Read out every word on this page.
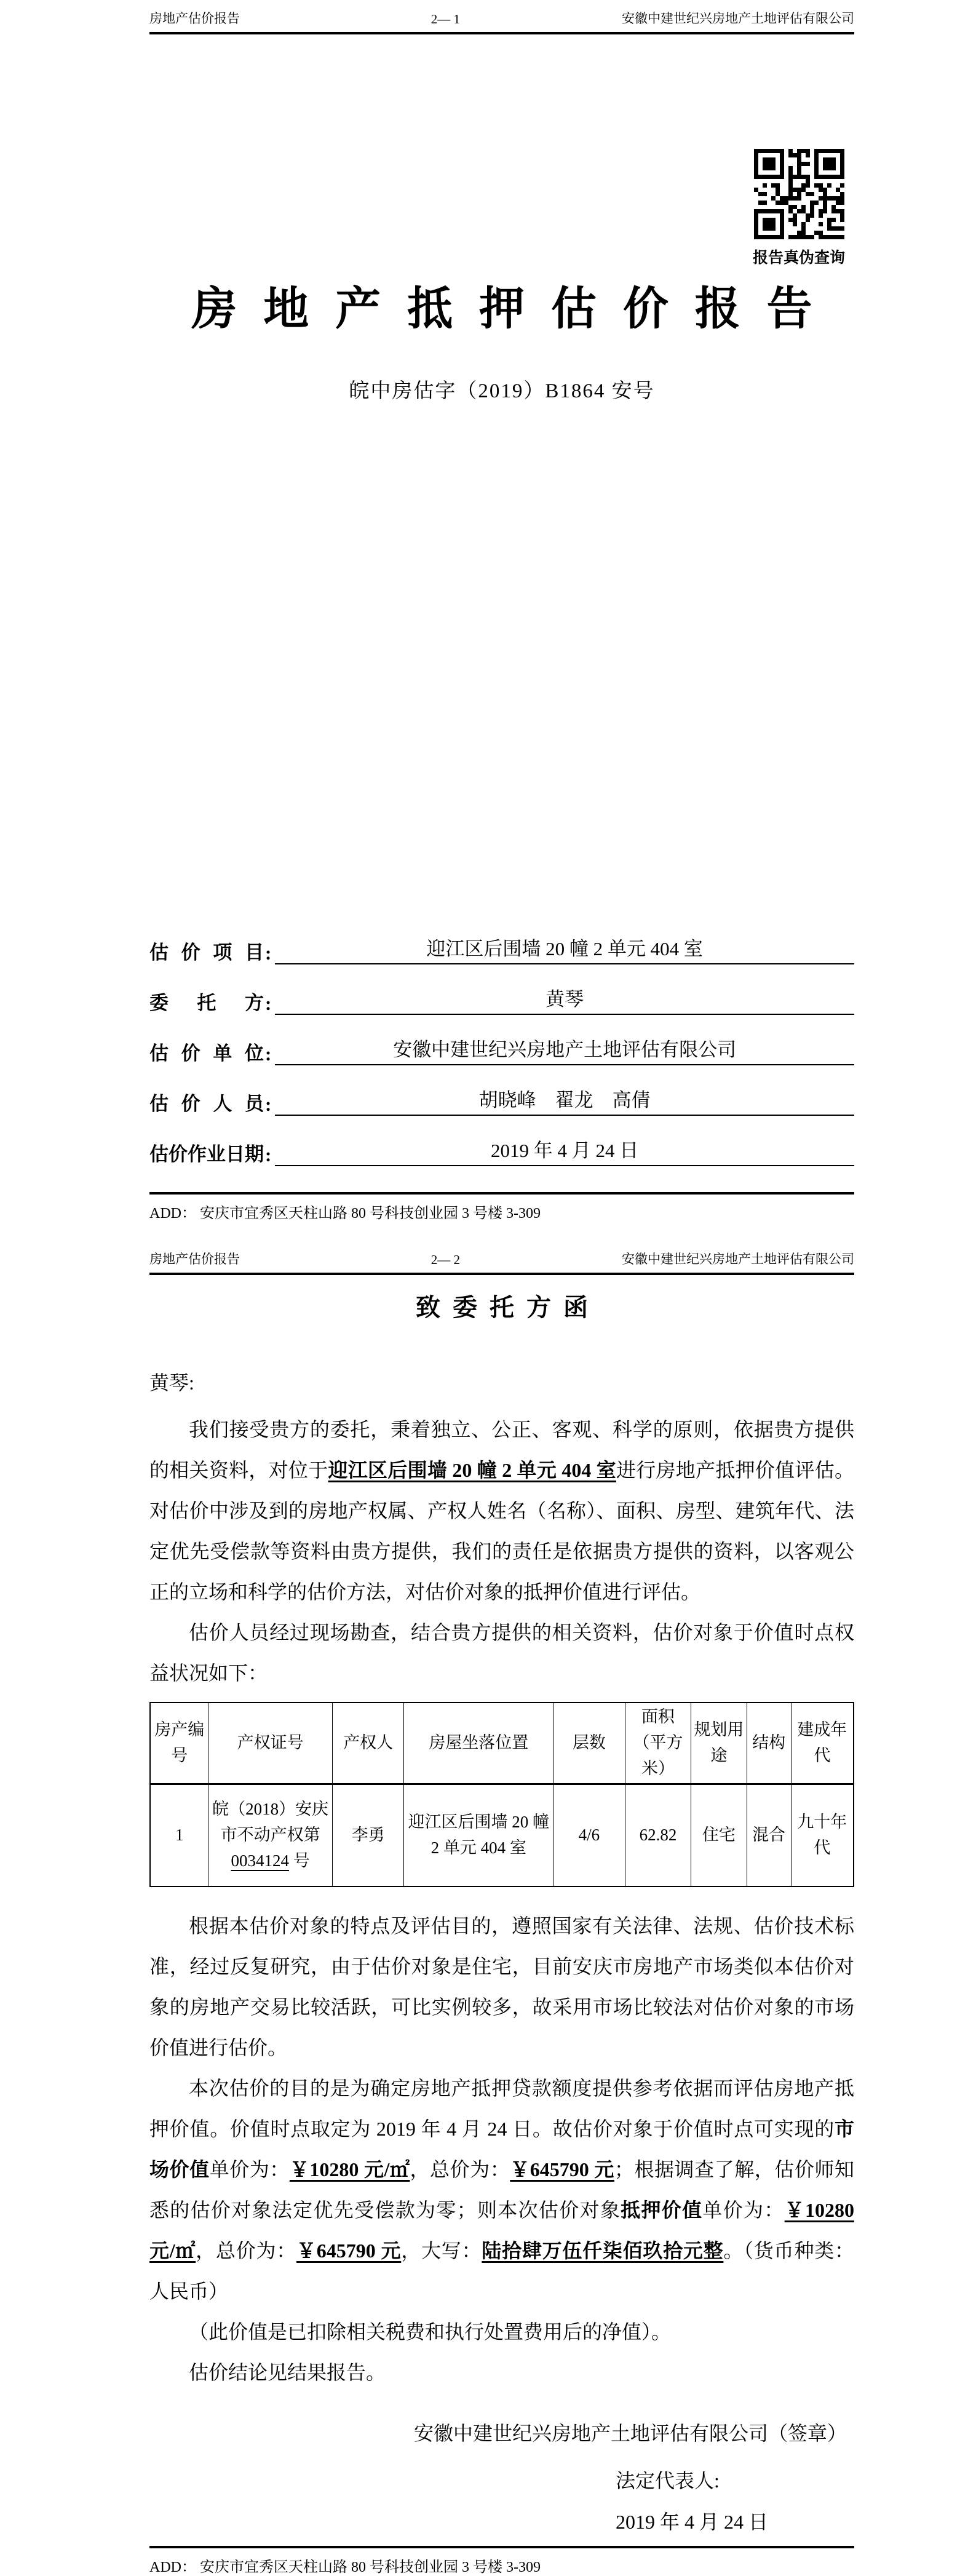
房地产估价报告	2— 1	安徽中建世纪兴房地产土地评估有限公司
报告真伪查询
房地产抵押估价报告
皖中房估字（2019）B1864 安号
估价项目 :	迎江区后围墙 20 幢 2 单元 404 室
委托方 :	黄琴
估价单位 :	安徽中建世纪兴房地产土地评估有限公司
估价人员 :	胡晓峰　翟龙　高倩
估价作业日期 :	2019 年 4 月 24 日
ADD： 安庆市宜秀区天柱山路 80 号科技创业园 3 号楼 3-309
房地产估价报告	2— 2	安徽中建世纪兴房地产土地评估有限公司
致委托方函
黄琴:
我们接受贵方的委托，秉着独立、公正、客观、科学的原则，依据贵方提供的相关资料，对位于迎江区后围墙 20 幢 2 单元 404 室进行房地产抵押价值评估。对估价中涉及到的房地产权属、产权人姓名（名称）、面积、房型、建筑年代、法定优先受偿款等资料由贵方提供，我们的责任是依据贵方提供的资料，以客观公正的立场和科学的估价方法，对估价对象的抵押价值进行评估。
估价人员经过现场勘查，结合贵方提供的相关资料，估价对象于价值时点权益状况如下：
房产编号	产权证号	产权人	房屋坐落位置	层数	面积（平方米）	规划用途	结构	建成年代
1	皖（2018）安庆市不动产权第 0034124 号	李勇	迎江区后围墙 20 幢 2 单元 404 室	4/6	62.82	住宅	混合	九十年代
根据本估价对象的特点及评估目的，遵照国家有关法律、法规、估价技术标准，经过反复研究，由于估价对象是住宅，目前安庆市房地产市场类似本估价对象的房地产交易比较活跃，可比实例较多，故采用市场比较法对估价对象的市场价值进行估价。
本次估价的目的是为确定房地产抵押贷款额度提供参考依据而评估房地产抵押价值。价值时点取定为 2019 年 4 月 24 日。故估价对象于价值时点可实现的市场价值单价为：￥10280 元/㎡，总价为：￥645790 元；根据调查了解，估价师知悉的估价对象法定优先受偿款为零；则本次估价对象抵押价值单价为：￥10280 元/㎡，总价为：￥645790 元，大写：陆拾肆万伍仟柒佰玖拾元整。（货币种类：人民币）
（此价值是已扣除相关税费和执行处置费用后的净值）。
估价结论见结果报告。
安徽中建世纪兴房地产土地评估有限公司（签章）
法定代表人:
2019 年 4 月 24 日
ADD： 安庆市宜秀区天柱山路 80 号科技创业园 3 号楼 3-309
